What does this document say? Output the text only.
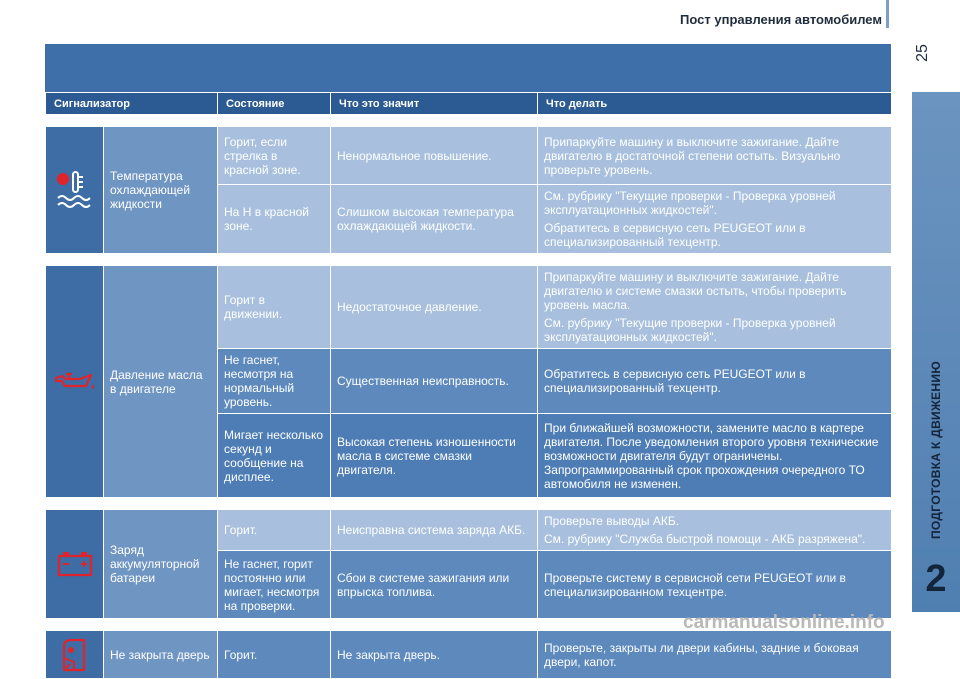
Пост управления автомобилем
25
ПОДГОТОВКА К ДВИЖЕНИЮ
2
Сигнализатор		Состояние	Что это значит	Что делать

	Температура охлаждающей жидкости	Горит, если стрелка в красной зоне.	Ненормальное повышение.	Припаркуйте машину и выключите зажигание. Дайте двигателю в достаточной степени остыть. Визуально проверьте уровень.
		На H в красной зоне.	Слишком высокая температура охлаждающей жидкости.	См. рубрику "Текущие проверки - Проверка уровней эксплуатационных жидкостей".
Обратитесь в сервисную сеть PEUGEOT или в специализированный техцентр.

	Давление масла в двигателе	Горит в движении.	Недостаточное давление.	Припаркуйте машину и выключите зажигание. Дайте двигателю и системе смазки остыть, чтобы проверить уровень масла.
См. рубрику "Текущие проверки - Проверка уровней эксплуатационных жидкостей".
		Не гаснет, несмотря на нормальный уровень.	Существенная неисправность.	Обратитесь в сервисную сеть PEUGEOT или в специализированный техцентр.
		Мигает несколько секунд и сообщение на дисплее.	Высокая степень изношенности масла в системе смазки двигателя.	При ближайшей возможности, замените масло в картере двигателя. После уведомления второго уровня технические возможности двигателя будут ограничены. Запрограммированный срок прохождения очередного ТО автомобиля не изменен.

	Заряд аккумуляторной батареи	Горит.	Неисправна система заряда АКБ.	Проверьте выводы АКБ.
См. рубрику "Служба быстрой помощи - АКБ разряжена".
		Не гаснет, горит постоянно или мигает, несмотря на проверки.	Сбои в системе зажигания или впрыска топлива.	Проверьте систему в сервисной сети PEUGEOT или в специализированном техцентре.

	Не закрыта дверь	Горит.	Не закрыта дверь.	Проверьте, закрыты ли двери кабины, задние и боковая двери, капот.
carmanualsonline.info
